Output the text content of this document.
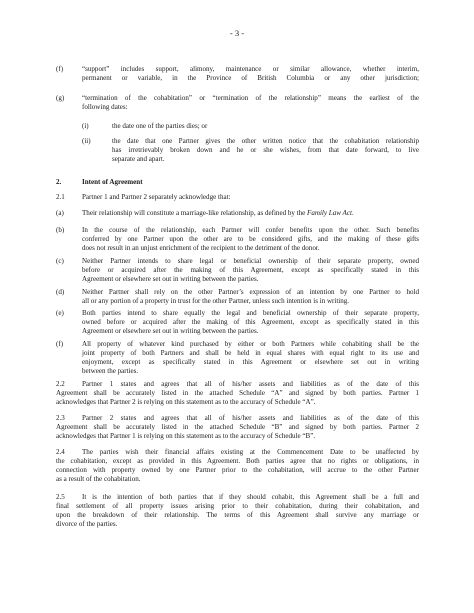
- 3 -
(f)	“support” includes support, alimony, maintenance or similar allowance, whether interim,
permanent or variable, in the Province of British Columbia or any other jurisdiction;
(g)	“termination of the cohabitation” or “termination of the relationship” means the earliest of the
following dates:
(i)	the date one of the parties dies; or
(ii)	the date that one Partner gives the other written notice that the cohabitation relationship
has irretrievably broken down and he or she wishes, from that date forward, to live
separate and apart.
2.	Intent of Agreement
2.1 Partner 1 and Partner 2 separately acknowledge that:
(a)	Their relationship will constitute a marriage-like relationship, as defined by the Family Law Act.
(b)	In the course of the relationship, each Partner will confer benefits upon the other. Such benefits
conferred by one Partner upon the other are to be considered gifts, and the making of these gifts
does not result in an unjust enrichment of the recipient to the detriment of the donor.
(c)	Neither Partner intends to share legal or beneficial ownership of their separate property, owned
before or acquired after the making of this Agreement, except as specifically stated in this
Agreement or elsewhere set out in writing between the parties.
(d)	Neither Partner shall rely on the other Partner’s expression of an intention by one Partner to hold
all or any portion of a property in trust for the other Partner, unless such intention is in writing.
(e)	Both parties intend to share equally the legal and beneficial ownership of their separate property,
owned before or acquired after the making of this Agreement, except as specifically stated in this
Agreement or elsewhere set out in writing between the parties.
(f)	All property of whatever kind purchased by either or both Partners while cohabiting shall be the
joint property of both Partners and shall be held in equal shares with equal right to its use and
enjoyment, except as specifically stated in this Agreement or elsewhere set out in writing
between the parties.
2.2	Partner 1 states and agrees that all of his/her assets and liabilities as of the date of this
Agreement shall be accurately listed in the attached Schedule “A” and signed by both parties. Partner 1
acknowledges that Partner 2 is relying on this statement as to the accuracy of Schedule “A”.
2.3	Partner 2 states and agrees that all of his/her assets and liabilities as of the date of this
Agreement shall be accurately listed in the attached Schedule “B” and signed by both parties. Partner 2
acknowledges that Partner 1 is relying on this statement as to the accuracy of Schedule “B”.
2.4	The parties wish their financial affairs existing at the Commencement Date to be unaffected by
the cohabitation, except as provided in this Agreement. Both parties agree that no rights or obligations, in
connection with property owned by one Partner prior to the cohabitation, will accrue to the other Partner
as a result of the cohabitation.
2.5	It is the intention of both parties that if they should cohabit, this Agreement shall be a full and
final settlement of all property issues arising prior to their cohabitation, during their cohabitation, and
upon the breakdown of their relationship. The terms of this Agreement shall survive any marriage or
divorce of the parties.
